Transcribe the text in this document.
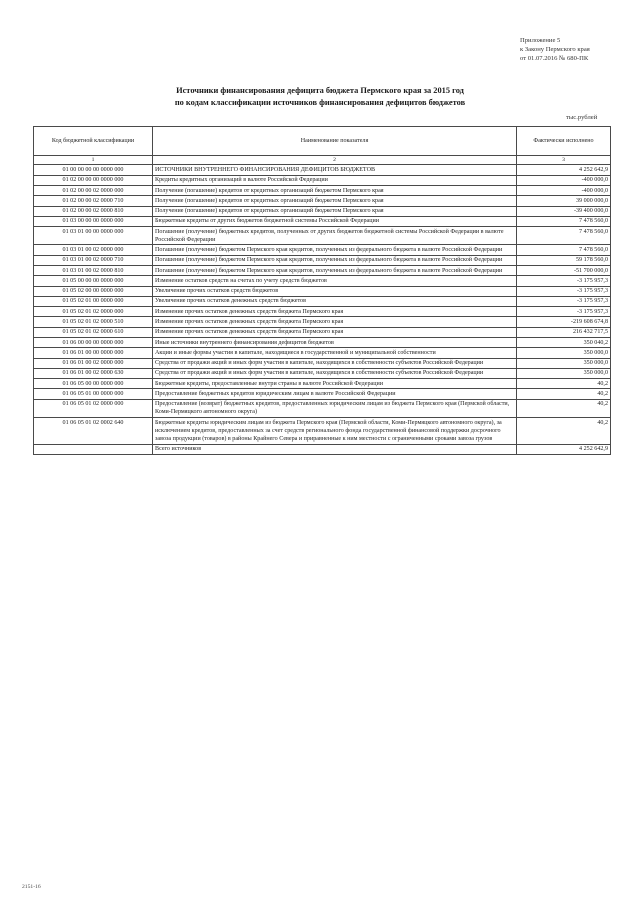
Приложение 5
к Закону Пермского края
от 01.07.2016 № 680-ПК
Источники финансирования дефицита бюджета Пермского края за 2015 год
по кодам классификации источников финансирования дефицитов бюджетов
тыс.рублей
Код бюджетной классификации	Наименование показателя	Фактически исполнено
1	2	3
01 00 00 00 00 0000 000	ИСТОЧНИКИ ВНУТРЕННЕГО ФИНАНСИРОВАНИЯ ДЕФИЦИТОВ БЮДЖЕТОВ	4 252 642,9
01 02 00 00 00 0000 000	Кредиты кредитных организаций в валюте Российской Федерации	-400 000,0
01 02 00 00 02 0000 000	Получение (погашение) кредитов от кредитных организаций бюджетом Пермского края	-400 000,0
01 02 00 00 02 0000 710	Получение (погашение) кредитов от кредитных организаций бюджетом Пермского края	39 000 000,0
01 02 00 00 02 0000 810	Получение (погашение) кредитов от кредитных организаций бюджетом Пермского края	-39 400 000,0
01 03 00 00 00 0000 000	Бюджетные кредиты от других бюджетов бюджетной системы Российской Федерации	7 478 560,0
01 03 01 00 00 0000 000	Погашение (получение) бюджетных кредитов, полученных от других бюджетов бюджетной системы Российской Федерации в валюте Российской Федерации	7 478 560,0
01 03 01 00 02 0000 000	Погашение (получение) бюджетом Пермского края кредитов, полученных из федерального бюджета в валюте Российской Федерации	7 478 560,0
01 03 01 00 02 0000 710	Погашение (получение) бюджетом Пермского края кредитов, полученных из федерального бюджета в валюте Российской Федерации	59 178 560,0
01 03 01 00 02 0000 810	Погашение (получение) бюджетом Пермского края кредитов, полученных из федерального бюджета в валюте Российской Федерации	-51 700 000,0
01 05 00 00 00 0000 000	Изменение остатков средств на счетах по учету средств бюджетов	-3 175 957,3
01 05 02 00 00 0000 000	Увеличение прочих остатков средств бюджетов	-3 175 957,3
01 05 02 01 00 0000 000	Увеличение прочих остатков денежных средств бюджетов	-3 175 957,3
01 05 02 01 02 0000 000	Изменение прочих остатков денежных средств бюджета Пермского края	-3 175 957,3
01 05 02 01 02 0000 510	Изменение прочих остатков денежных средств бюджета Пермского края	-219 608 674,8
01 05 02 01 02 0000 610	Изменение прочих остатков денежных средств бюджета Пермского края	216 432 717,5
01 06 00 00 00 0000 000	Иные источники внутреннего финансирования дефицитов бюджетов	350 040,2
01 06 01 00 00 0000 000	Акции и иные формы участия в капитале, находящиеся в государственной и муниципальной собственности	350 000,0
01 06 01 00 02 0000 000	Средства от продажи акций и иных форм участия в капитале, находящихся в собственности субъектов Российской Федерации	350 000,0
01 06 01 00 02 0000 630	Средства от продажи акций и иных форм участия в капитале, находящихся в собственности субъектов Российской Федерации	350 000,0
01 06 05 00 00 0000 000	Бюджетные кредиты, предоставленные внутри страны в валюте Российской Федерации	40,2
01 06 05 01 00 0000 000	Предоставление бюджетных кредитов юридическим лицам в валюте Российской Федерации	40,2
01 06 05 01 02 0000 000	Предоставление (возврат) бюджетных кредитов, предоставленных юридическим лицам из бюджета Пермского края (Пермской области, Коми-Пермяцкого автономного округа)	40,2
01 06 05 01 02 0002 640	Бюджетные кредиты юридическим лицам из бюджета Пермского края (Пермской области, Коми-Пермяцкого автономного округа), за исключением кредитов, предоставленных за счет средств регионального фонда государственной финансовой поддержки досрочного завоза продукции (товаров) в районы Крайнего Севера и приравненные к ним местности с ограниченными сроками завоза грузов	40,2
	Всего источников	4 252 642,9
2151-16
